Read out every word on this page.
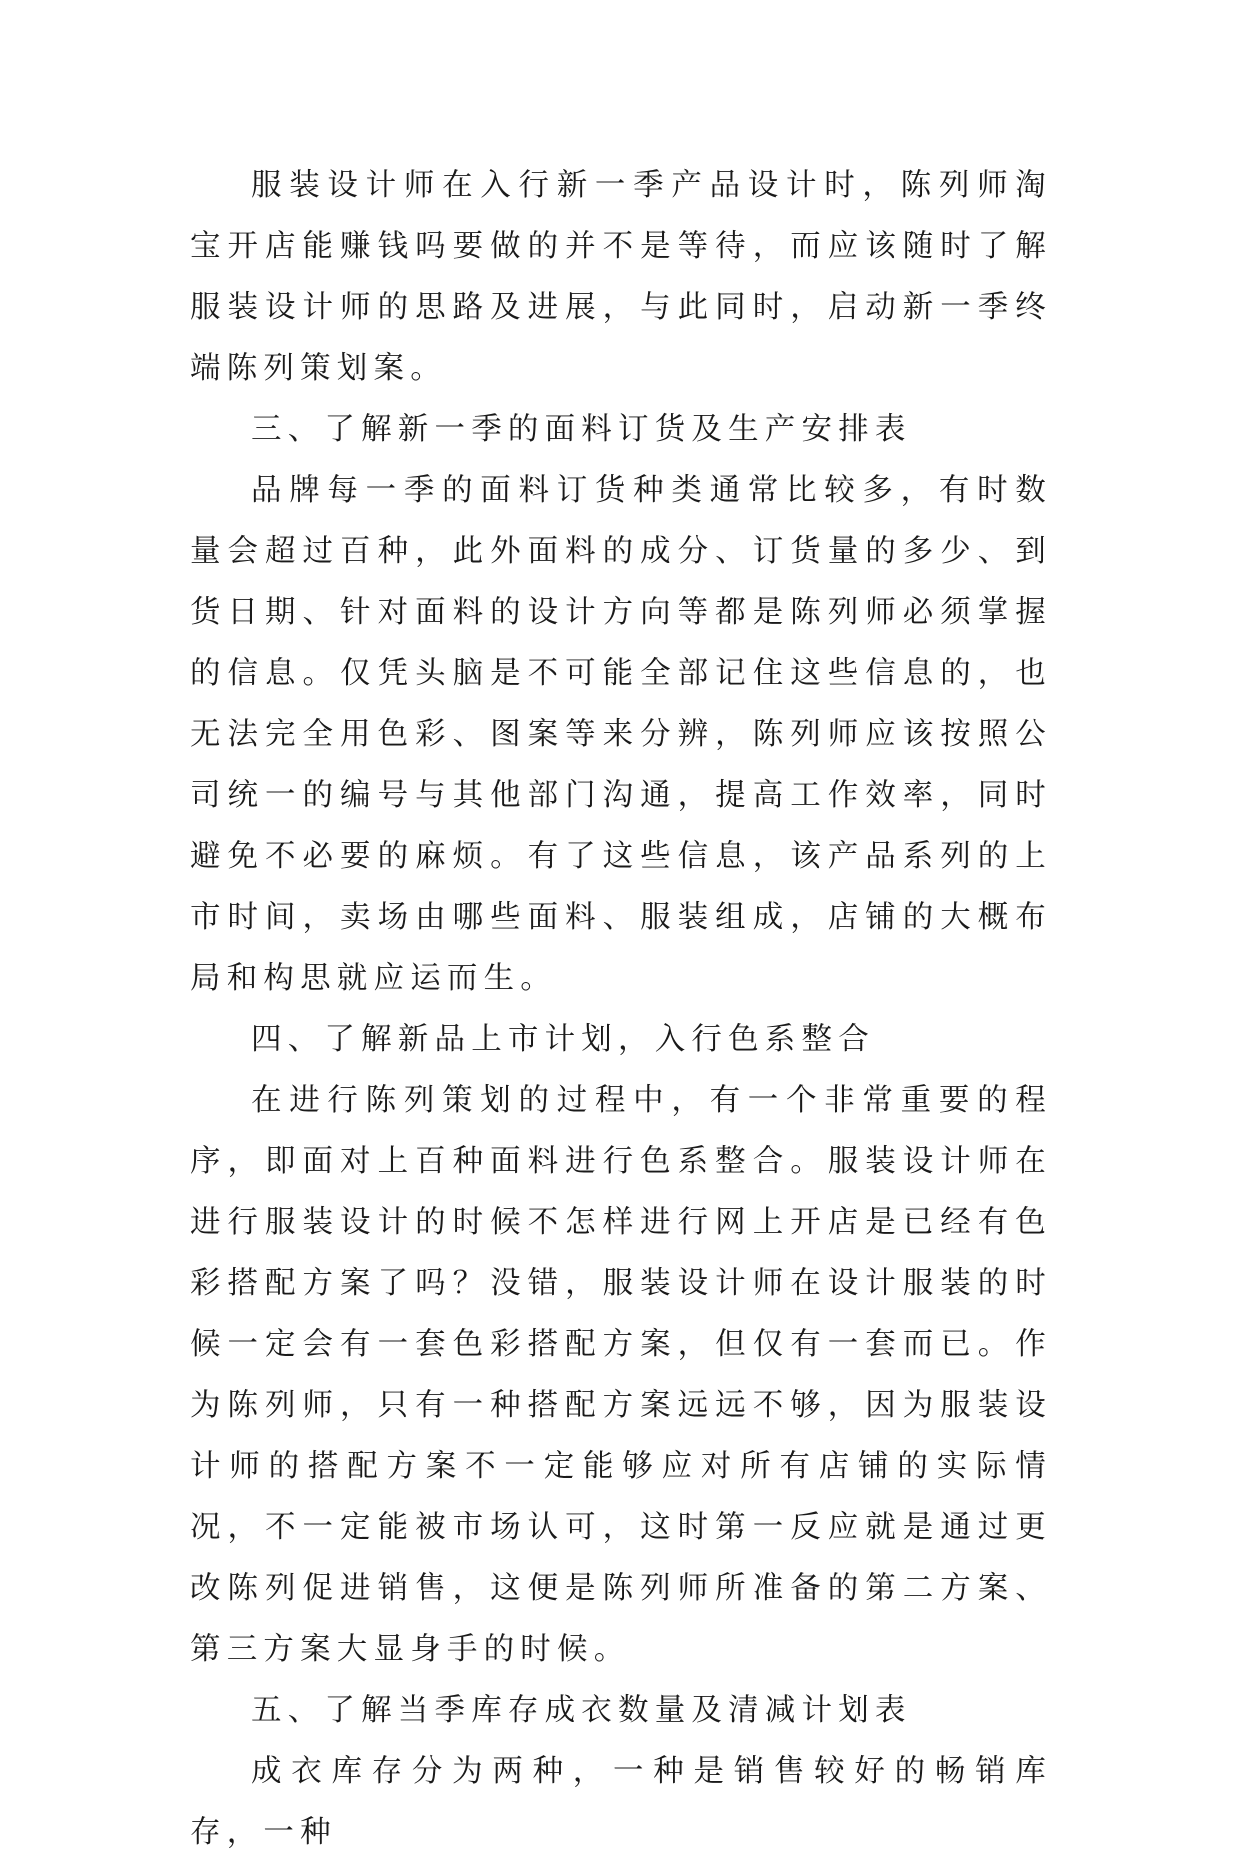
服装设计师在入行新一季产品设计时，陈列师淘宝开店能赚钱吗要做的并不是等待，而应该随时了解服装设计师的思路及进展，与此同时，启动新一季终端陈列策划案。

三、了解新一季的面料订货及生产安排表

品牌每一季的面料订货种类通常比较多，有时数量会超过百种，此外面料的成分、订货量的多少、到货日期、针对面料的设计方向等都是陈列师必须掌握的信息。仅凭头脑是不可能全部记住这些信息的，也无法完全用色彩、图案等来分辨，陈列师应该按照公司统一的编号与其他部门沟通，提高工作效率，同时避免不必要的麻烦。有了这些信息，该产品系列的上市时间，卖场由哪些面料、服装组成，店铺的大概布局和构思就应运而生。

四、了解新品上市计划，入行色系整合

在进行陈列策划的过程中，有一个非常重要的程序，即面对上百种面料进行色系整合。服装设计师在进行服装设计的时候不怎样进行网上开店是已经有色彩搭配方案了吗？没错，服装设计师在设计服装的时候一定会有一套色彩搭配方案，但仅有一套而已。作为陈列师，只有一种搭配方案远远不够，因为服装设计师的搭配方案不一定能够应对所有店铺的实际情况，不一定能被市场认可，这时第一反应就是通过更改陈列促进销售，这便是陈列师所准备的第二方案、第三方案大显身手的时候。

五、了解当季库存成衣数量及清减计划表

成衣库存分为两种，一种是销售较好的畅销库存，一种
